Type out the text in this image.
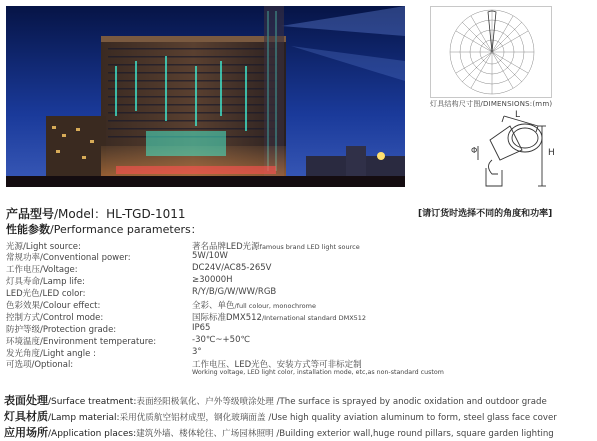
灯具结构尺寸图/DIMENSIONS:(mm)
L
H
Φ
产品型号/Model：HL-TGD-1011
性能参数/Performance parameters：
[请订货时选择不同的角度和功率]
光源/Light source:	著名品牌LED光源famous brand LED light source
常规功率/Conventional power:	5W/10W
工作电压/Voltage:	DC24V/AC85-265V
灯具寿命/Lamp life:	≥30000H
LED光色/LED color:	R/Y/B/G/W/WW/RGB
色彩效果/Colour effect:	全彩、单色/full colour, monochrome
控制方式/Control mode:	国际标准DMX512/International standard DMX512
防护等级/Protection grade:	IP65
环境温度/Environment temperature:	-30℃~+50℃
发光角度/Light angle :	3°
可选项/Optional:	工作电压、LED光色、安装方式等可非标定制
Working voltage, LED light color, installation mode, etc,as non-standard custom
表面处理/Surface treatment:表面经阳极氧化、户外等级喷涂处理 /The surface is sprayed by anodic oxidation and outdoor grade
灯具材质/Lamp material:采用优质航空铝材成型，钢化玻璃面盖 /Use high quality aviation aluminum to form, steel glass face cover
应用场所/Application places:建筑外墙、楼体轮往、广场园林照明 /Building exterior wall,huge round pillars, square garden lighting
